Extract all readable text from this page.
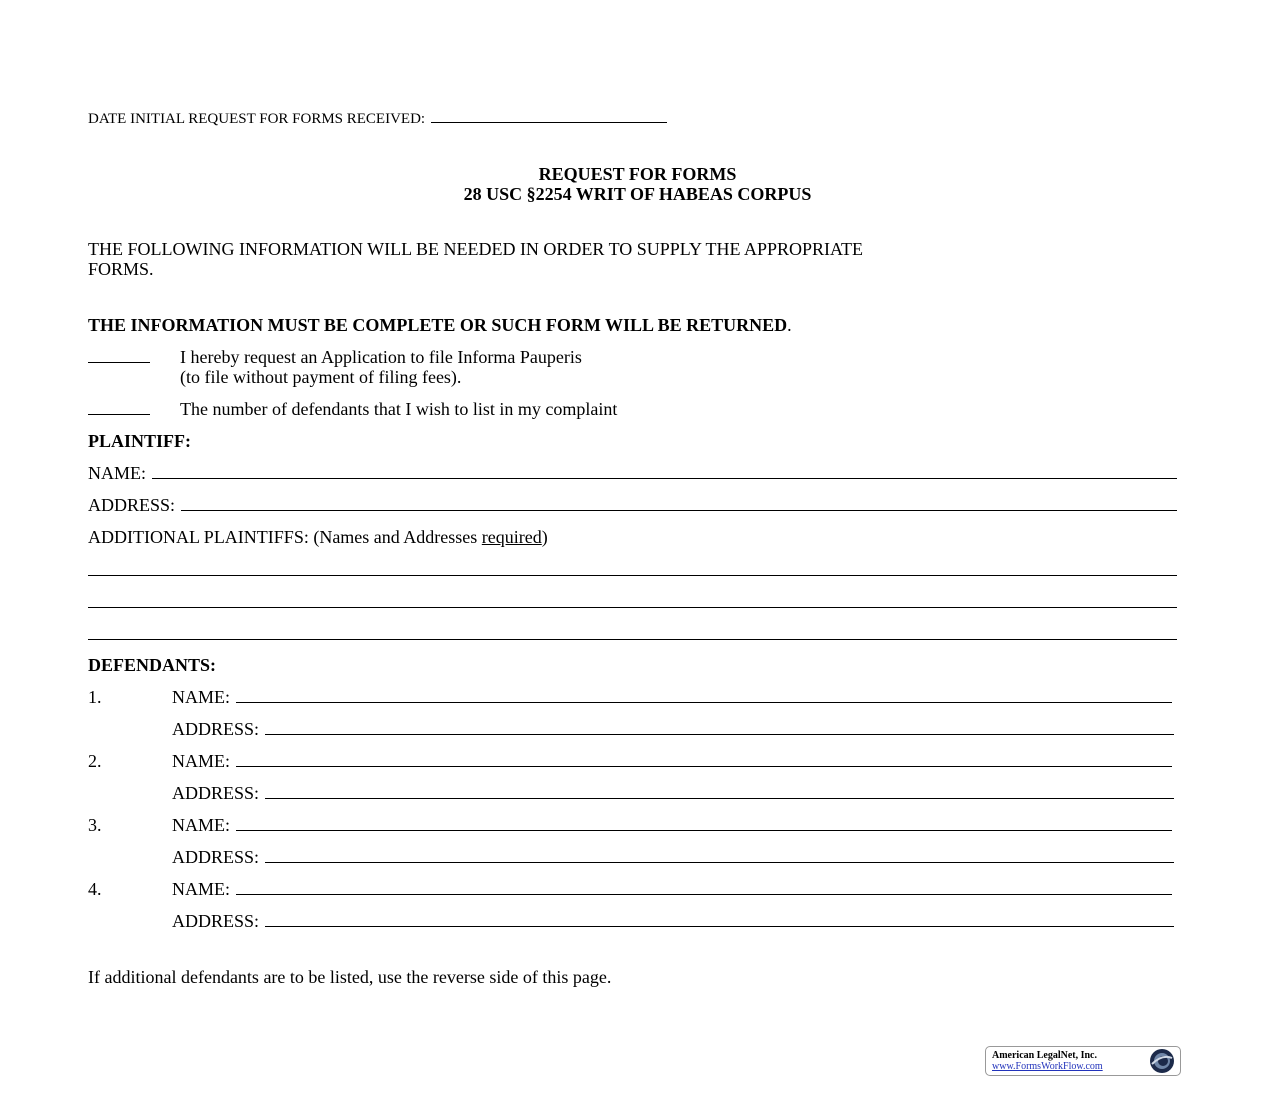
DATE INITIAL REQUEST FOR FORMS RECEIVED:
REQUEST FOR FORMS
28 USC §2254 WRIT OF HABEAS CORPUS
THE FOLLOWING INFORMATION WILL BE NEEDED IN ORDER TO SUPPLY THE APPROPRIATE
FORMS.
THE INFORMATION MUST BE COMPLETE OR SUCH FORM WILL BE RETURNED .
I hereby request an Application to file Informa Pauperis
(to file without payment of filing fees).
The number of defendants that I wish to list in my complaint
PLAINTIFF:
NAME:
ADDRESS:
ADDITIONAL PLAINTIFFS: (Names and Addresses required )
DEFENDANTS:
1.	NAME:
ADDRESS:
2.	NAME:
ADDRESS:
3.	NAME:
ADDRESS:
4.	NAME:
ADDRESS:
If additional defendants are to be listed, use the reverse side of this page.
American LegalNet, Inc.
www.FormsWorkFlow.com
